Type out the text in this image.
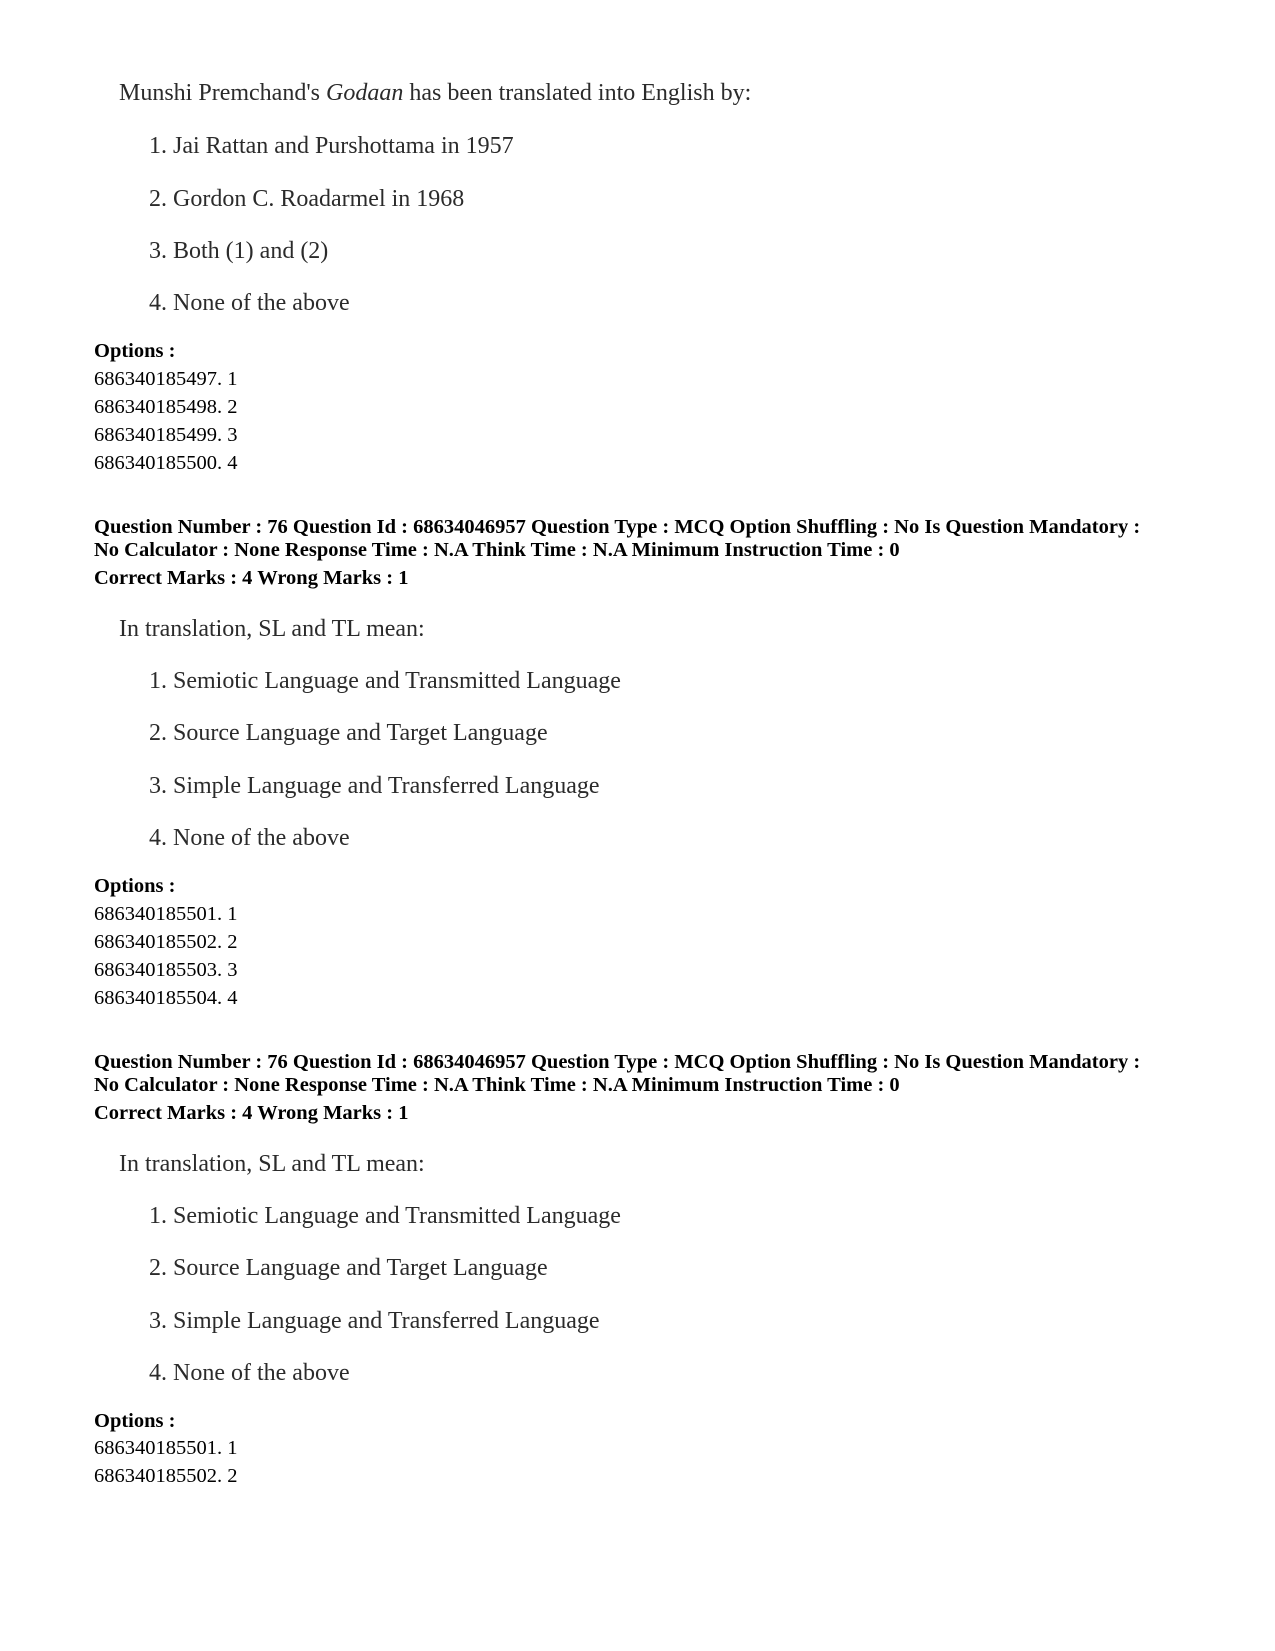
Munshi Premchand's Godaan has been translated into English by:
1. Jai Rattan and Purshottama in 1957
2. Gordon C. Roadarmel in 1968
3. Both (1) and (2)
4. None of the above
Options :
686340185497. 1
686340185498. 2
686340185499. 3
686340185500. 4
Question Number : 76 Question Id : 68634046957 Question Type : MCQ Option Shuffling : No Is Question Mandatory :
No Calculator : None Response Time : N.A Think Time : N.A Minimum Instruction Time : 0
Correct Marks : 4 Wrong Marks : 1
In translation, SL and TL mean:
1. Semiotic Language and Transmitted Language
2. Source Language and Target Language
3. Simple Language and Transferred Language
4. None of the above
Options :
686340185501. 1
686340185502. 2
686340185503. 3
686340185504. 4
Question Number : 76 Question Id : 68634046957 Question Type : MCQ Option Shuffling : No Is Question Mandatory :
No Calculator : None Response Time : N.A Think Time : N.A Minimum Instruction Time : 0
Correct Marks : 4 Wrong Marks : 1
In translation, SL and TL mean:
1. Semiotic Language and Transmitted Language
2. Source Language and Target Language
3. Simple Language and Transferred Language
4. None of the above
Options :
686340185501. 1
686340185502. 2
